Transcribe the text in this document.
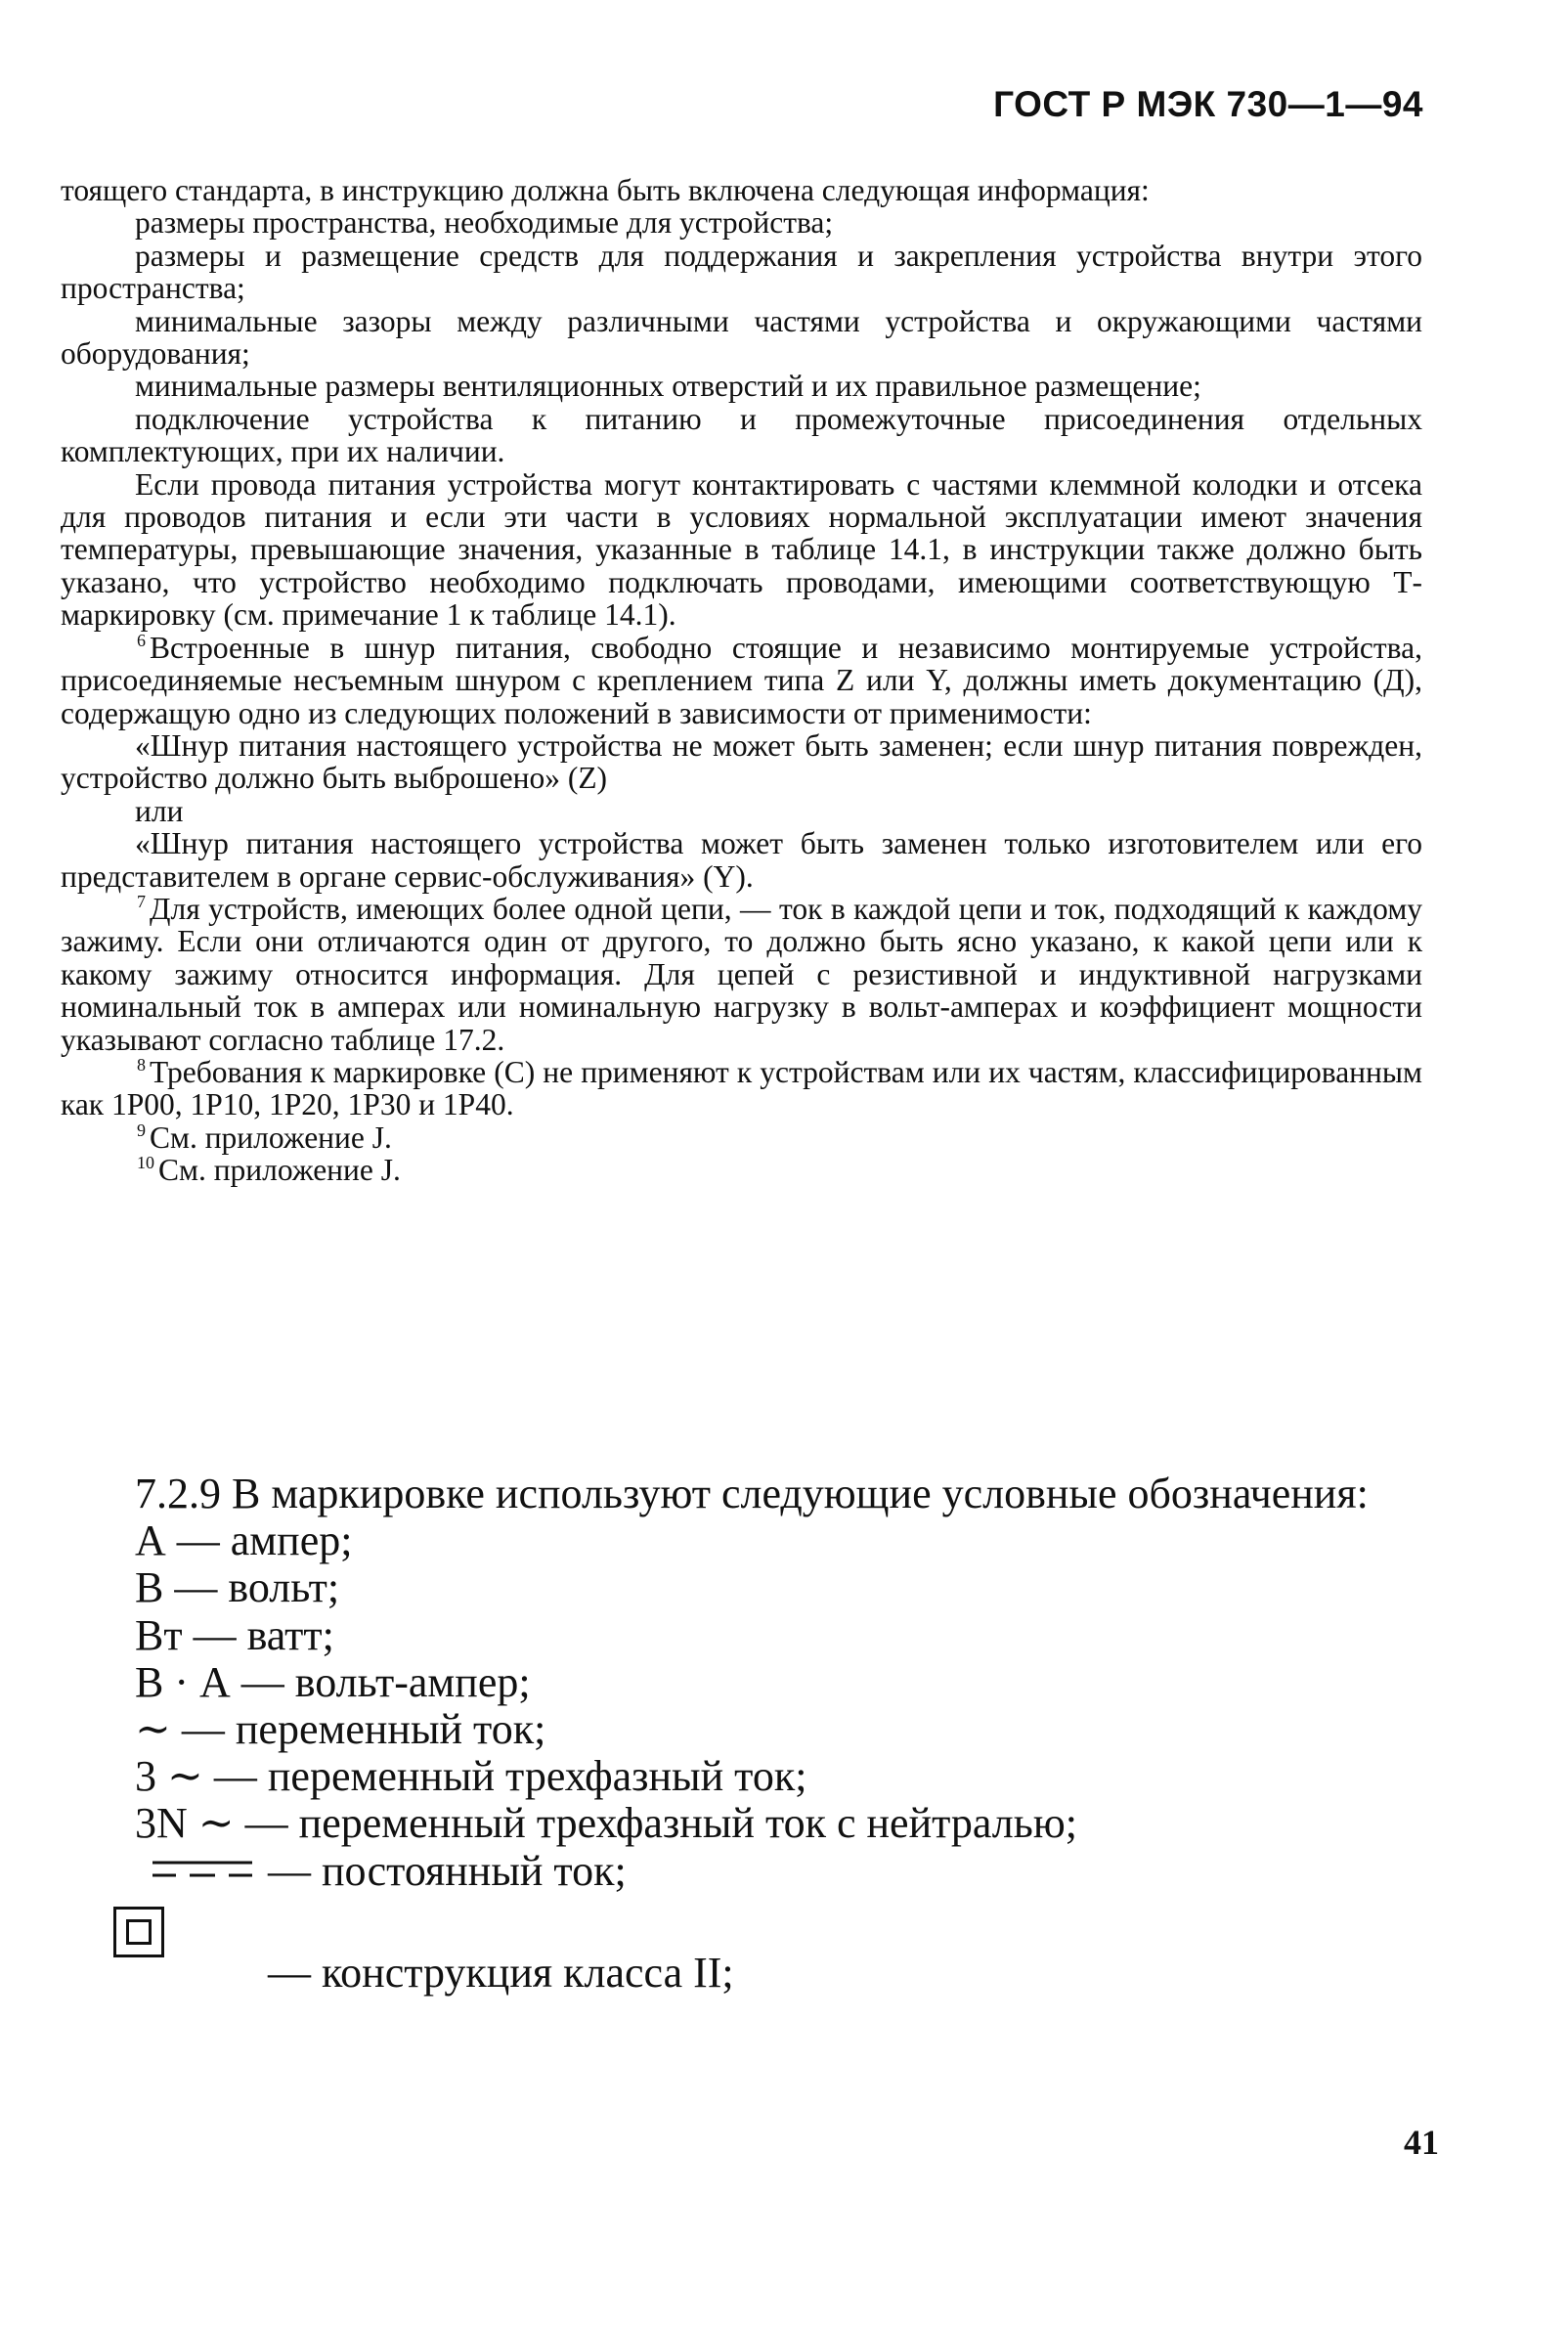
ГОСТ Р МЭК 730—1—94

тоящего стандарта, в инструкцию должна быть включена следующая информация:

размеры пространства, необходимые для устройства;

размеры и размещение средств для поддержания и закрепления устройства внутри этого пространства;

минимальные зазоры между различными частями устройства и окружающими частями оборудования;

минимальные размеры вентиляционных отверстий и их правильное размещение;

подключение устройства к питанию и промежуточные присоединения отдельных комплектующих, при их наличии.

Если провода питания устройства могут контактировать с частями клеммной колодки и отсека для проводов питания и если эти части в условиях нормальной эксплуатации имеют значения температуры, превышающие значения, указанные в таблице 14.1, в инструкции также должно быть указано, что устройство необходимо подключать проводами, имеющими соответствующую Т-маркировку (см. примечание 1 к таблице 14.1).

$^6$ Встроенные в шнур питания, свободно стоящие и независимо монтируемые устройства, присоединяемые несъемным шнуром с креплением типа Z или Y, должны иметь документацию (Д), содержащую одно из следующих положений в зависимости от применимости:

«Шнур питания настоящего устройства не может быть заменен; если шнур питания поврежден, устройство должно быть выброшено» (Z)

или

«Шнур питания настоящего устройства может быть заменен только изготовителем или его представителем в органе сервис-обслуживания» (Y).

$^7$ Для устройств, имеющих более одной цепи, — ток в каждой цепи и ток, подходящий к каждому зажиму. Если они отличаются один от другого, то должно быть ясно указано, к какой цепи или к какому зажиму относится информация. Для цепей с резистивной и индуктивной нагрузками номинальный ток в амперах или номинальную нагрузку в вольт-амперах и коэффициент мощности указывают согласно таблице 17.2.

$^8$ Требования к маркировке (С) не применяют к устройствам или их частям, классифицированным как 1Р00, 1Р10, 1Р20, 1Р30 и 1Р40.

$^9$ См. приложение J.

$^{10}$ См. приложение J.

7.2.9 В маркировке используют следующие условные обозначения:

А — ампер;

В — вольт;

Вт — ватт;

В · А — вольт-ампер;

∼ — переменный ток;

3 ∼ — переменный трехфазный ток;

3N ∼ — переменный трехфазный ток с нейтралью;

— постоянный ток;

— конструкция класса II;
41
